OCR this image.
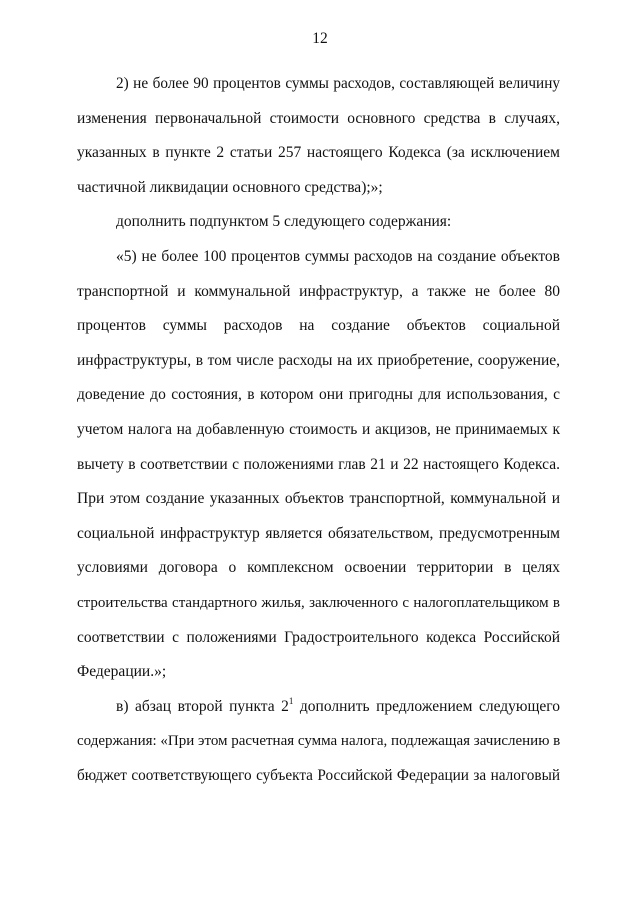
12
2) не более 90 процентов суммы расходов, составляющей величину
изменения первоначальной стоимости основного средства в случаях,
указанных в пункте 2 статьи 257 настоящего Кодекса (за исключением
частичной ликвидации основного средства);»;
дополнить подпунктом 5 следующего содержания:
«5) не более 100 процентов суммы расходов на создание объектов
транспортной и коммунальной инфраструктур, а также не более 80
процентов суммы расходов на создание объектов социальной
инфраструктуры, в том числе расходы на их приобретение, сооружение,
доведение до состояния, в котором они пригодны для использования, с
учетом налога на добавленную стоимость и акцизов, не принимаемых к
вычету в соответствии с положениями глав 21 и 22 настоящего Кодекса.
При этом создание указанных объектов транспортной, коммунальной и
социальной инфраструктур является обязательством, предусмотренным
условиями договора о комплексном освоении территории в целях
строительства стандартного жилья, заключенного с налогоплательщиком в
соответствии с положениями Градостроительного кодекса Российской
Федерации.»;
в) абзац второй пункта $2^1$ дополнить предложением следующего
содержания: «При этом расчетная сумма налога, подлежащая зачислению в
бюджет соответствующего субъекта Российской Федерации за налоговый
